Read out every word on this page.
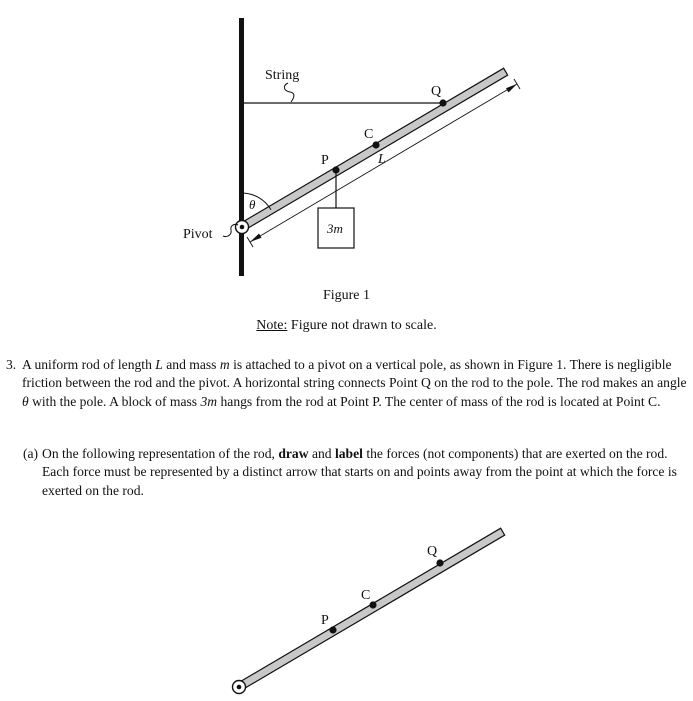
String
L
θ
3m
P
C
Q
Pivot
Figure 1
Note: Figure not drawn to scale.
3. A uniform rod of length L and mass m is attached to a pivot on a vertical pole, as shown in Figure 1. There is negligible friction between the rod and the pivot. A horizontal string connects Point Q on the rod to the pole. The rod makes an angle θ with the pole. A block of mass 3m hangs from the rod at Point P. The center of mass of the rod is located at Point C.
(a) On the following representation of the rod, draw and label the forces (not components) that are exerted on the rod. Each force must be represented by a distinct arrow that starts on and points away from the point at which the force is exerted on the rod.
P
C
Q
